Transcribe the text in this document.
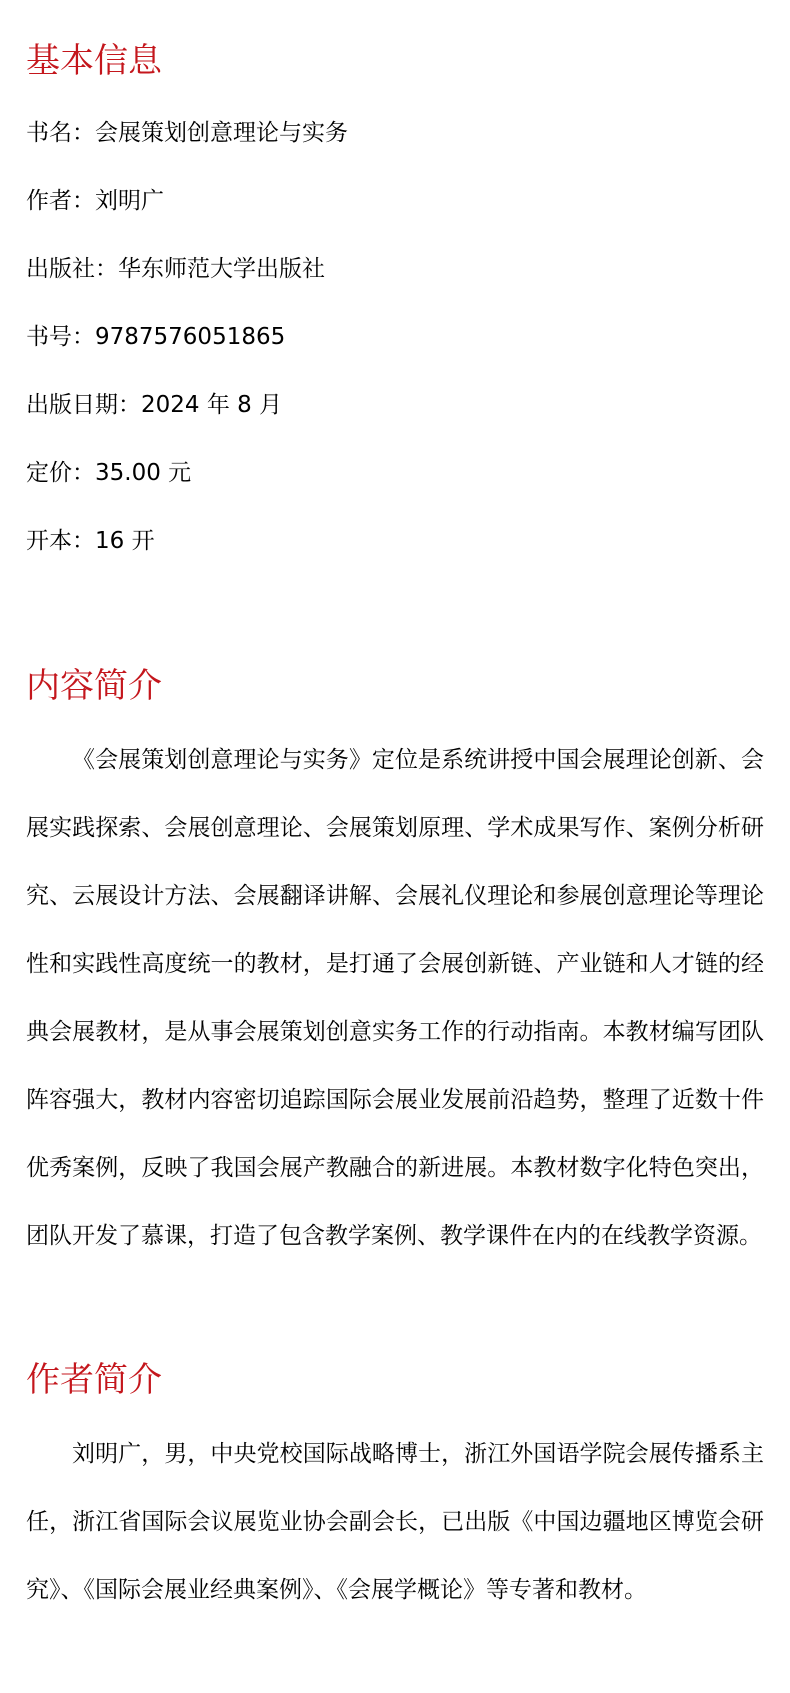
基本信息
书名：会展策划创意理论与实务
作者：刘明广
出版社：华东师范大学出版社
书号：9787576051865
出版日期：2024 年 8 月
定价：35.00 元
开本：16 开
内容简介

《会展策划创意理论与实务》定位是系统讲授中国会展理论创新、会展实践探索、会展创意理论、会展策划原理、学术成果写作、案例分析研究、云展设计方法、会展翻译讲解、会展礼仪理论和参展创意理论等理论性和实践性高度统一的教材，是打通了会展创新链、产业链和人才链的经典会展教材，是从事会展策划创意实务工作的行动指南。本教材编写团队阵容强大，教材内容密切追踪国际会展业发展前沿趋势，整理了近数十件优秀案例，反映了我国会展产教融合的新进展。本教材数字化特色突出，团队开发了慕课，打造了包含教学案例、教学课件在内的在线教学资源。

作者简介

刘明广，男，中央党校国际战略博士，浙江外国语学院会展传播系主任，浙江省国际会议展览业协会副会长，已出版《中国边疆地区博览会研究》、《国际会展业经典案例》、《会展学概论》等专著和教材。
